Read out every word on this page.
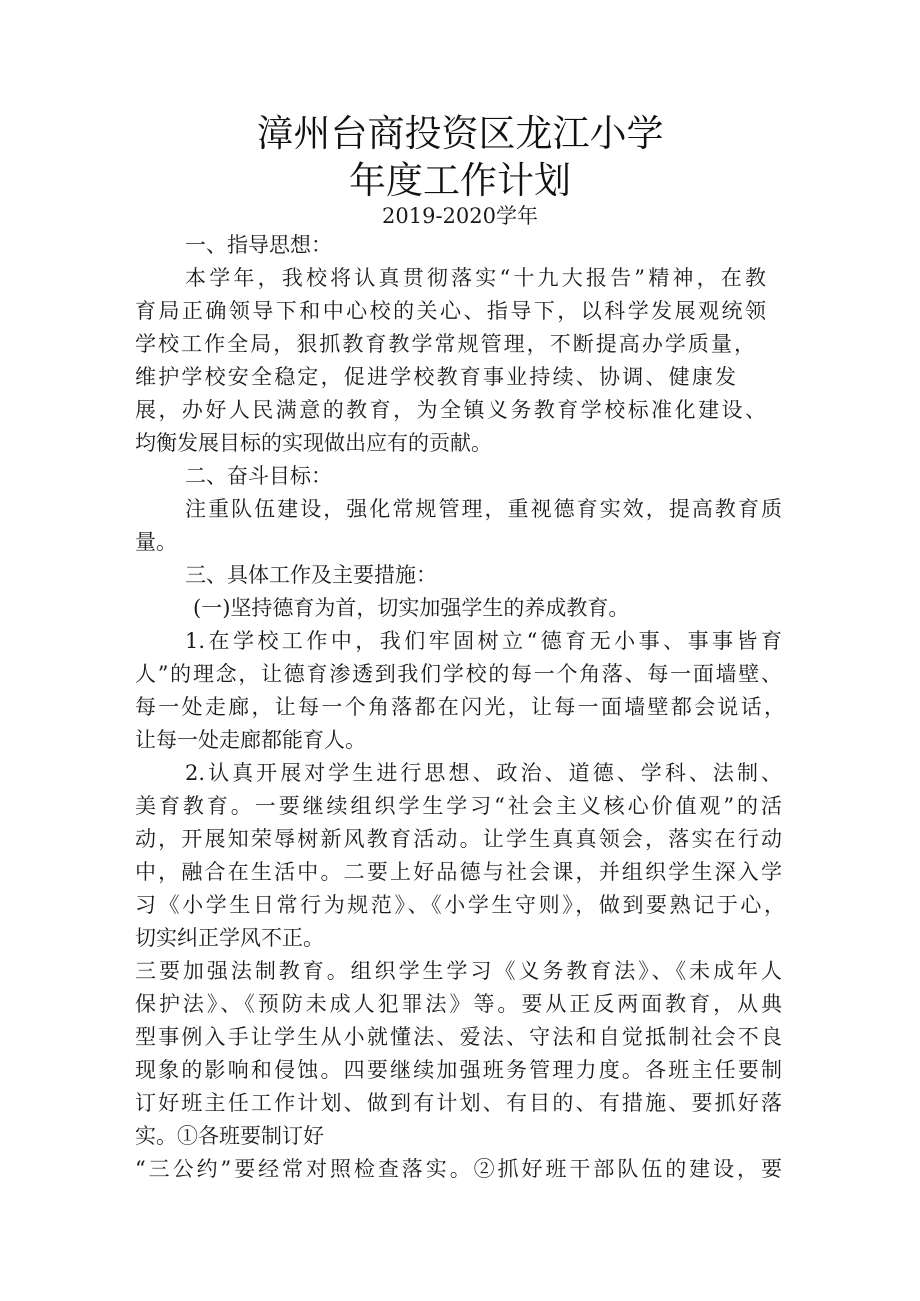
漳州台商投资区龙江小学
年度工作计划
2019-2020学年
一、指导思想：
本学年，我校将认真贯彻落实“十九大报告”精神，在教
育局正确领导下和中心校的关心、指导下，以科学发展观统领
学校工作全局，狠抓教育教学常规管理，不断提高办学质量，
维护学校安全稳定，促进学校教育事业持续、协调、健康发
展，办好人民满意的教育，为全镇义务教育学校标准化建设、
均衡发展目标的实现做出应有的贡献。
二、奋斗目标：
注重队伍建设，强化常规管理，重视德育实效，提高教育质
量。
三、具体工作及主要措施：
(一)坚持德育为首，切实加强学生的养成教育。
1.在学校工作中，我们牢固树立“德育无小事、事事皆育
人”的理念，让德育渗透到我们学校的每一个角落、每一面墙壁、
每一处走廊，让每一个角落都在闪光，让每一面墙壁都会说话，
让每一处走廊都能育人。
2.认真开展对学生进行思想、政治、道德、学科、法制、
美育教育。一要继续组织学生学习“社会主义核心价值观”的活
动，开展知荣辱树新风教育活动。让学生真真领会，落实在行动
中，融合在生活中。二要上好品德与社会课，并组织学生深入学
习《小学生日常行为规范》、《小学生守则》，做到要熟记于心，
切实纠正学风不正。
三要加强法制教育。组织学生学习《义务教育法》、《未成年人
保护法》、《预防未成人犯罪法》等。要从正反两面教育，从典
型事例入手让学生从小就懂法、爱法、守法和自觉抵制社会不良
现象的影响和侵蚀。四要继续加强班务管理力度。各班主任要制
订好班主任工作计划、做到有计划、有目的、有措施、要抓好落
实。①各班要制订好
“三公约”要经常对照检查落实。②抓好班干部队伍的建设，要
